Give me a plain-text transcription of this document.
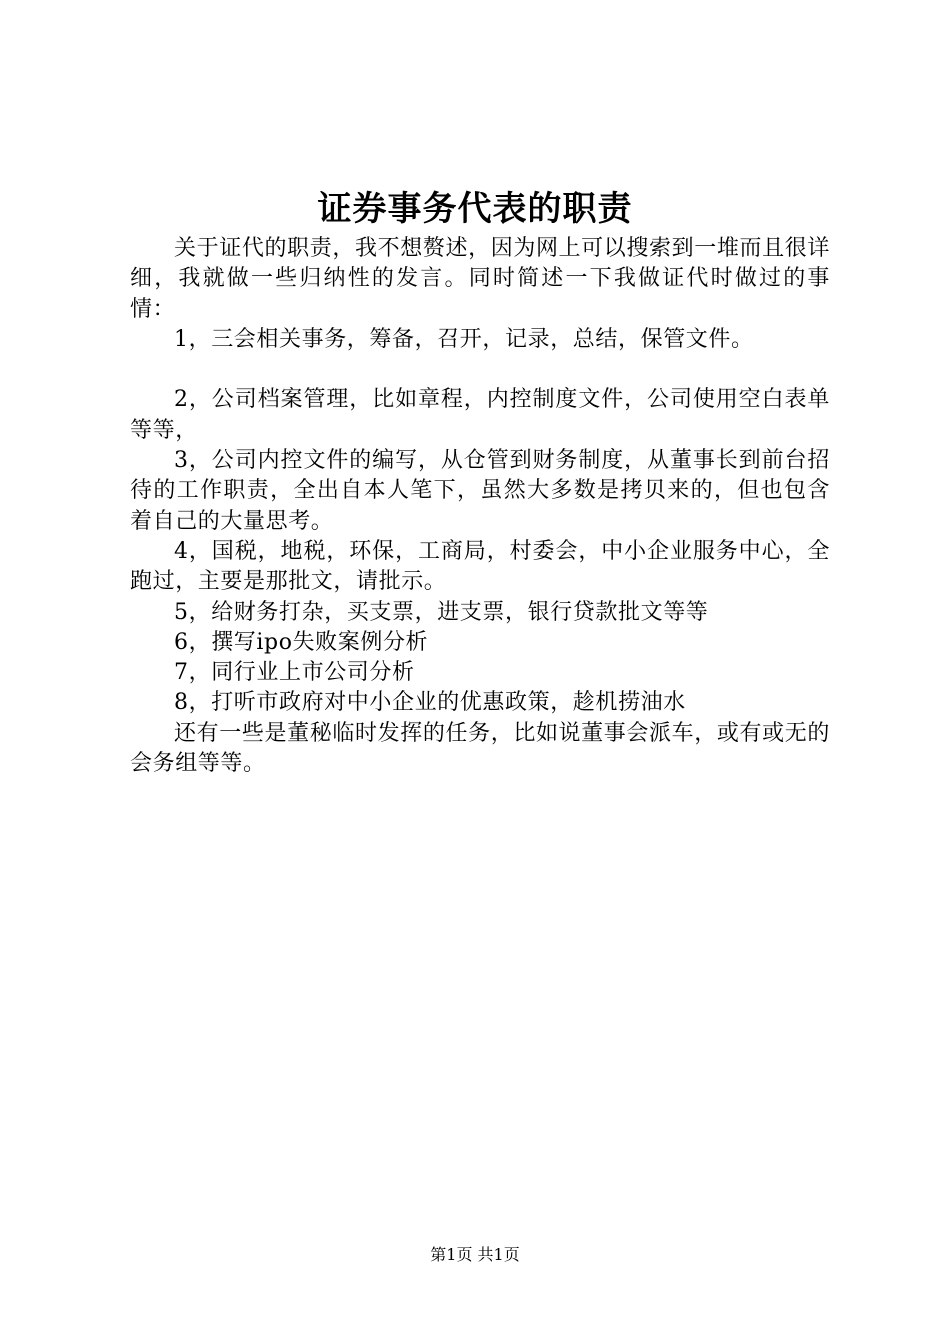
证券事务代表的职责

关于证代的职责，我不想赘述，因为网上可以搜索到一堆而且很详细，我就做一些归纳性的发言。同时简述一下我做证代时做过的事情：

1，三会相关事务，筹备，召开，记录，总结，保管文件。

2，公司档案管理，比如章程，内控制度文件，公司使用空白表单等等，

3，公司内控文件的编写，从仓管到财务制度，从董事长到前台招待的工作职责，全出自本人笔下，虽然大多数是拷贝来的，但也包含着自己的大量思考。

4，国税，地税，环保，工商局，村委会，中小企业服务中心，全跑过，主要是那批文，请批示。

5，给财务打杂，买支票，进支票，银行贷款批文等等

6，撰写ipo失败案例分析

7，同行业上市公司分析

8，打听市政府对中小企业的优惠政策，趁机捞油水

还有一些是董秘临时发挥的任务，比如说董事会派车，或有或无的会务组等等。

第1页 共1页
